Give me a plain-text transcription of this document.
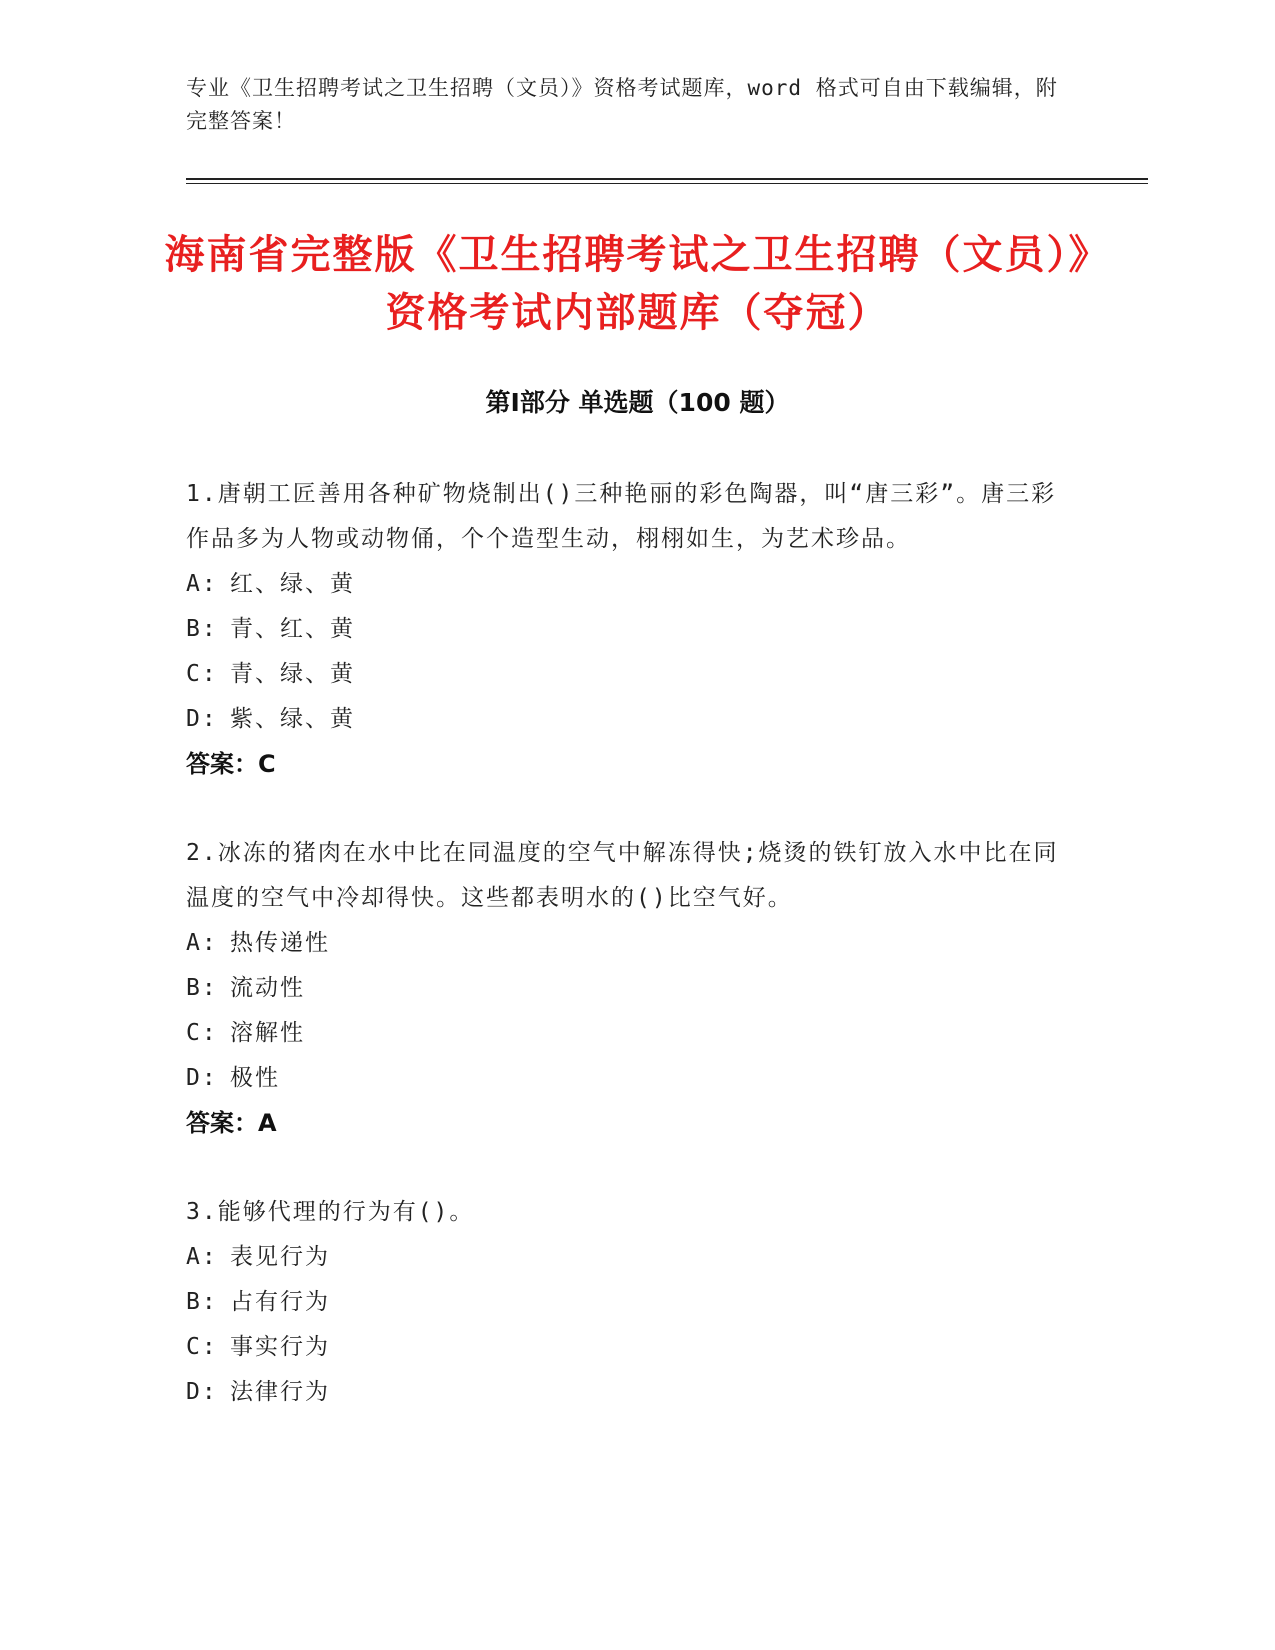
专业《卫生招聘考试之卫生招聘（文员）》资格考试题库，word 格式可自由下载编辑，附完整答案！
海南省完整版《卫生招聘考试之卫生招聘（文员）》资格考试内部题库（夺冠）
第Ⅰ部分 单选题（100 题）
1.唐朝工匠善用各种矿物烧制出()三种艳丽的彩色陶器，叫“唐三彩”。唐三彩作品多为人物或动物俑，个个造型生动，栩栩如生，为艺术珍品。
A: 红、绿、黄
B: 青、红、黄
C: 青、绿、黄
D: 紫、绿、黄
答案：C
2.冰冻的猪肉在水中比在同温度的空气中解冻得快;烧烫的铁钉放入水中比在同温度的空气中冷却得快。这些都表明水的()比空气好。
A: 热传递性
B: 流动性
C: 溶解性
D: 极性
答案：A
3.能够代理的行为有()。
A: 表见行为
B: 占有行为
C: 事实行为
D: 法律行为
